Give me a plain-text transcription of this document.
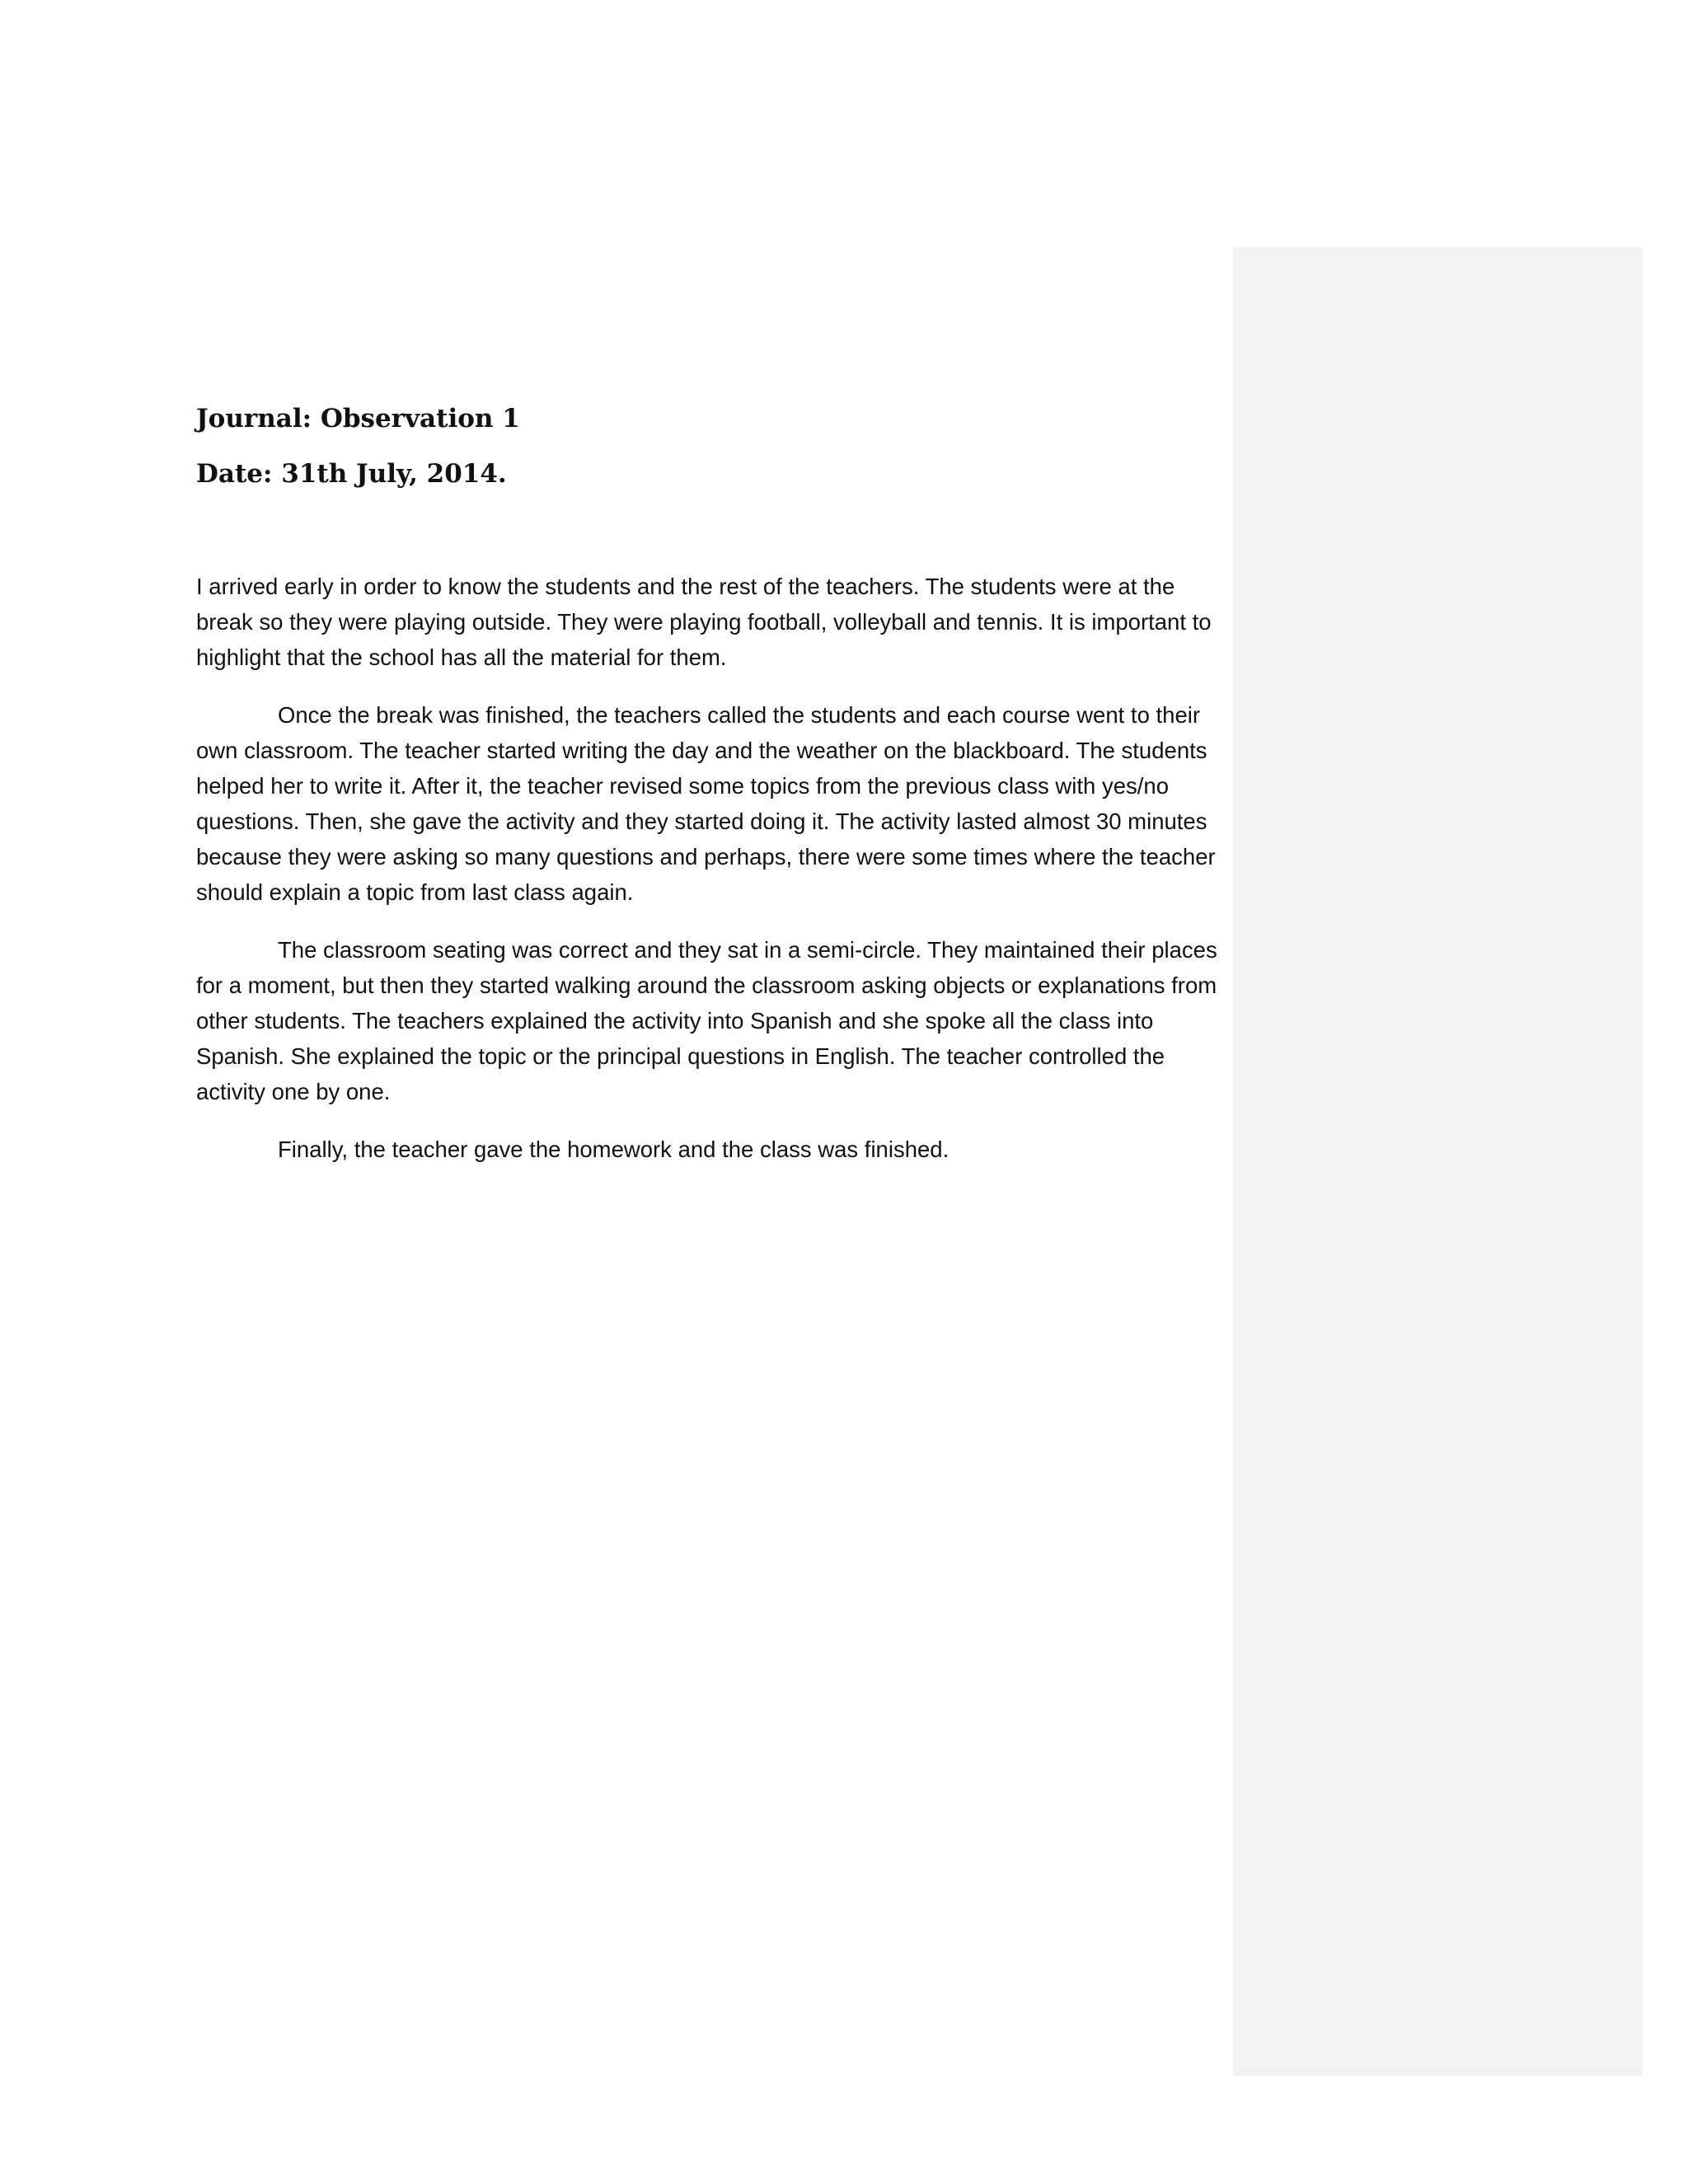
Journal: Observation 1

Date: 31th July, 2014.

I arrived early in order to know the students and the rest of the teachers. The students were at the break so they were playing outside. They were playing football, volleyball and tennis. It is important to highlight that the school has all the material for them.

Once the break was finished, the teachers called the students and each course went to their own classroom. The teacher started writing the day and the weather on the blackboard. The students helped her to write it. After it, the teacher revised some topics from the previous class with yes/no questions. Then, she gave the activity and they started doing it. The activity lasted almost 30 minutes because they were asking so many questions and perhaps, there were some times where the teacher should explain a topic from last class again.

The classroom seating was correct and they sat in a semi-circle. They maintained their places for a moment, but then they started walking around the classroom asking objects or explanations from other students. The teachers explained the activity into Spanish and she spoke all the class into Spanish. She explained the topic or the principal questions in English. The teacher controlled the activity one by one.

Finally, the teacher gave the homework and the class was finished.
